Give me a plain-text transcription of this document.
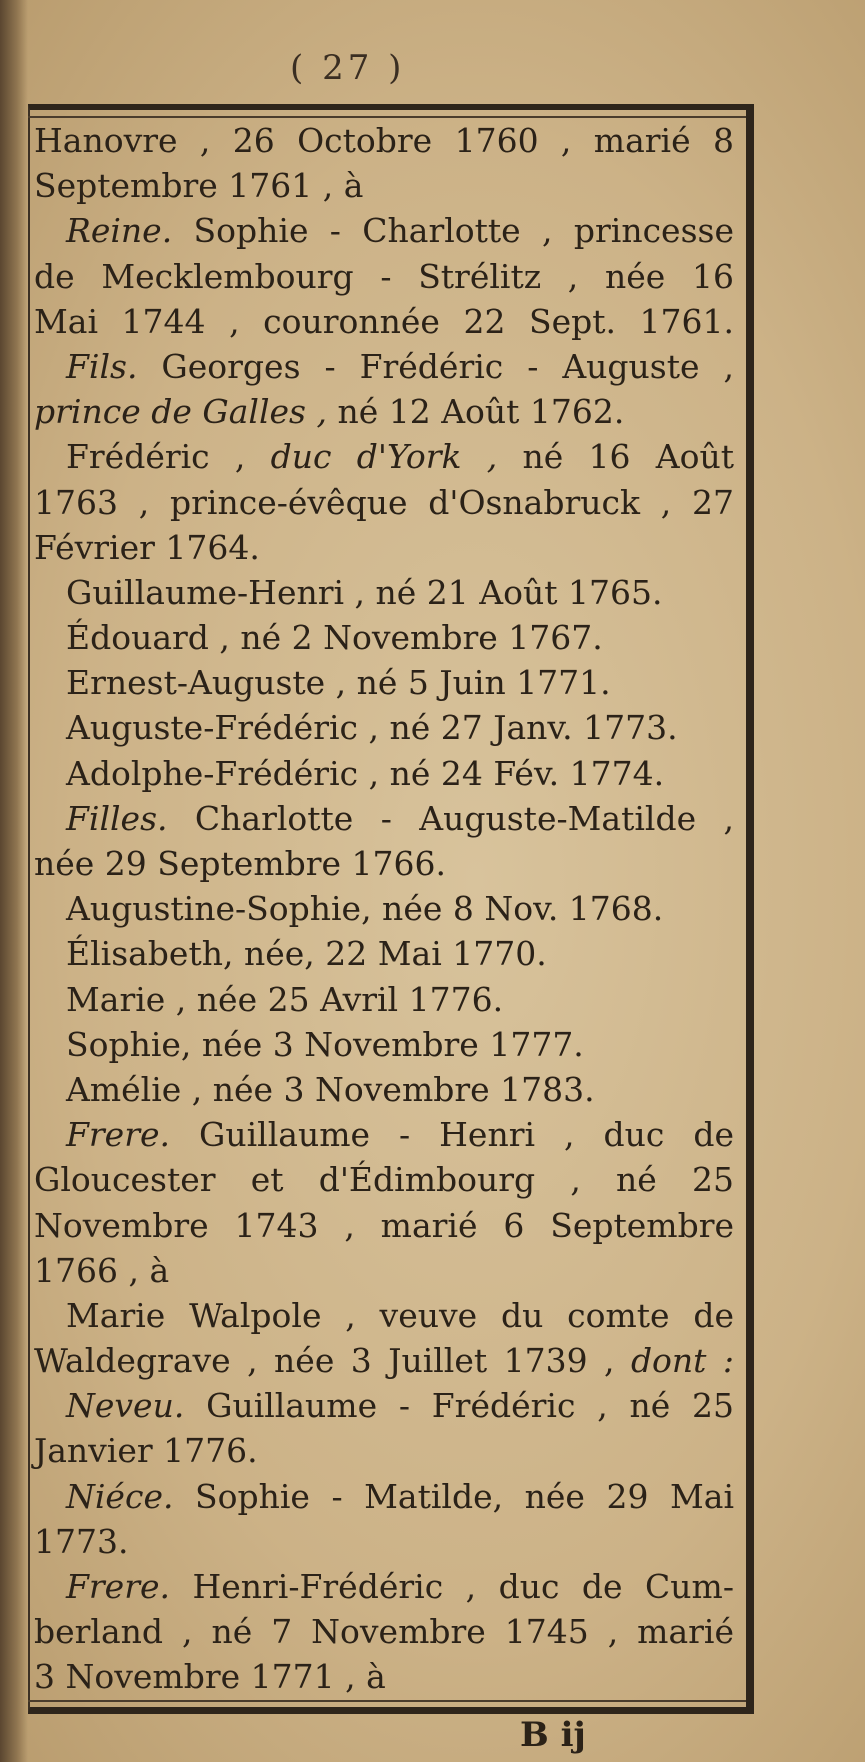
( 27 )
Hanovre , 26 Octobre 1760 , marié 8
Septembre 1761 , à
Reine. Sophie - Charlotte , princesse
de Mecklembourg - Strélitz , née 16
Mai 1744 , couronnée 22 Sept. 1761.
Fils. Georges - Frédéric - Auguste ,
prince de Galles , né 12 Août 1762.
Frédéric , duc d'York , né 16 Août
1763 , prince-évêque d'Osnabruck , 27
Février 1764.
Guillaume-Henri , né 21 Août 1765.
Édouard , né 2 Novembre 1767.
Ernest-Auguste , né 5 Juin 1771.
Auguste-Frédéric , né 27 Janv. 1773.
Adolphe-Frédéric , né 24 Fév. 1774.
Filles. Charlotte - Auguste-Matilde ,
née 29 Septembre 1766.
Augustine-Sophie, née 8 Nov. 1768.
Élisabeth, née, 22 Mai 1770.
Marie , née 25 Avril 1776.
Sophie, née 3 Novembre 1777.
Amélie , née 3 Novembre 1783.
Frere. Guillaume - Henri , duc de
Gloucester et d'Édimbourg , né 25
Novembre 1743 , marié 6 Septembre
1766 , à
Marie Walpole , veuve du comte de
Waldegrave , née 3 Juillet 1739 , dont :
Neveu. Guillaume - Frédéric , né 25
Janvier 1776.
Niéce. Sophie - Matilde, née 29 Mai
1773.
Frere. Henri-Frédéric , duc de Cum-
berland , né 7 Novembre 1745 , marié
3 Novembre 1771 , à
B ij
